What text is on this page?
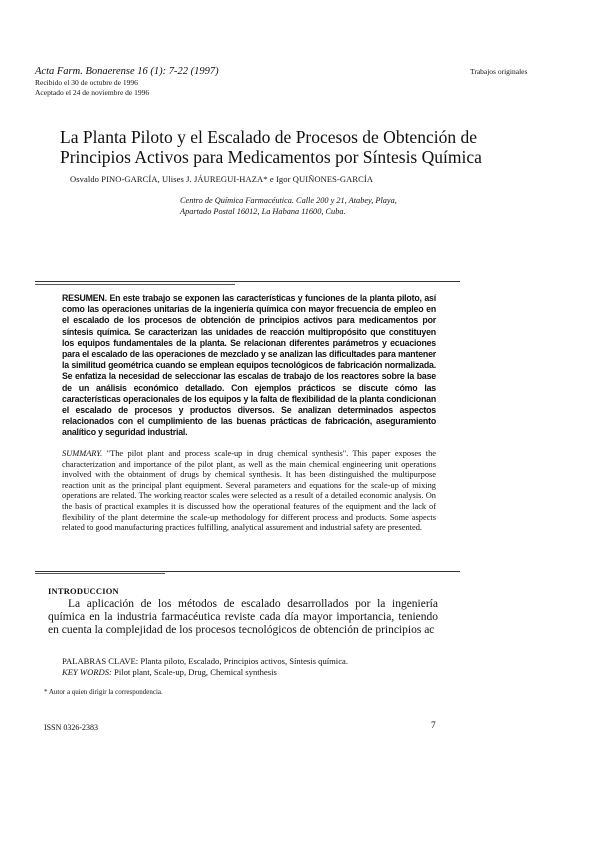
Acta Farm. Bonaerense 16 (1): 7-22 (1997)
Recibido el 30 de octubre de 1996
Aceptado el 24 de noviembre de 1996
Trabajos originales
La Planta Piloto y el Escalado de Procesos de Obtención de Principios Activos para Medicamentos por Síntesis Química
Osvaldo PINO-GARCÍA, Ulises J. JÁUREGUI-HAZA* e Igor QUIÑONES-GARCÍA
Centro de Química Farmacéutica. Calle 200 y 21, Atabey, Playa,
Apartado Postal 16012, La Habana 11600, Cuba.
RESUMEN. En este trabajo se exponen las características y funciones de la planta piloto, así como las operaciones unitarias de la ingeniería química con mayor frecuencia de empleo en el escalado de los procesos de obtención de principios activos para medicamentos por síntesis química. Se caracterizan las unidades de reacción multipropósito que constituyen los equipos fundamentales de la planta. Se relacionan diferentes parámetros y ecuaciones para el escalado de las operaciones de mezclado y se analizan las dificultades para mantener la similitud geométrica cuando se emplean equipos tecnológicos de fabricación normalizada. Se enfatiza la necesidad de seleccionar las escalas de trabajo de los reactores sobre la base de un análisis económico detallado. Con ejemplos prácticos se discute cómo las características operacionales de los equipos y la falta de flexibilidad de la planta condicionan el escalado de procesos y productos diversos. Se analizan determinados aspectos relacionados con el cumplimiento de las buenas prácticas de fabricación, aseguramiento analítico y seguridad industrial.
SUMMARY. "The pilot plant and process scale-up in drug chemical synthesis". This paper exposes the characterization and importance of the pilot plant, as well as the main chemical engineering unit operations involved with the obtainment of drugs by chemical synthesis. It has been distinguished the multipurpose reaction unit as the principal plant equipment. Several parameters and equations for the scale-up of mixing operations are related. The working reactor scales were selected as a result of a detailed economic analysis. On the basis of practical examples it is discussed how the operational features of the equipment and the lack of flexibility of the plant determine the scale-up methodology for different process and products. Some aspects related to good manufacturing practices fulfilling, analytical assurement and industrial safety are presented.
INTRODUCCION
La aplicación de los métodos de escalado desarrollados por la ingeniería química en la industria farmacéutica reviste cada día mayor importancia, teniendo en cuenta la complejidad de los procesos tecnológicos de obtención de principios ac
PALABRAS CLAVE: Planta piloto, Escalado, Principios activos, Síntesis química.
KEY WORDS: Pilot plant, Scale-up, Drug, Chemical synthesis
* Autor a quien dirigir la correspondencia.
ISSN 0326-2383	7
